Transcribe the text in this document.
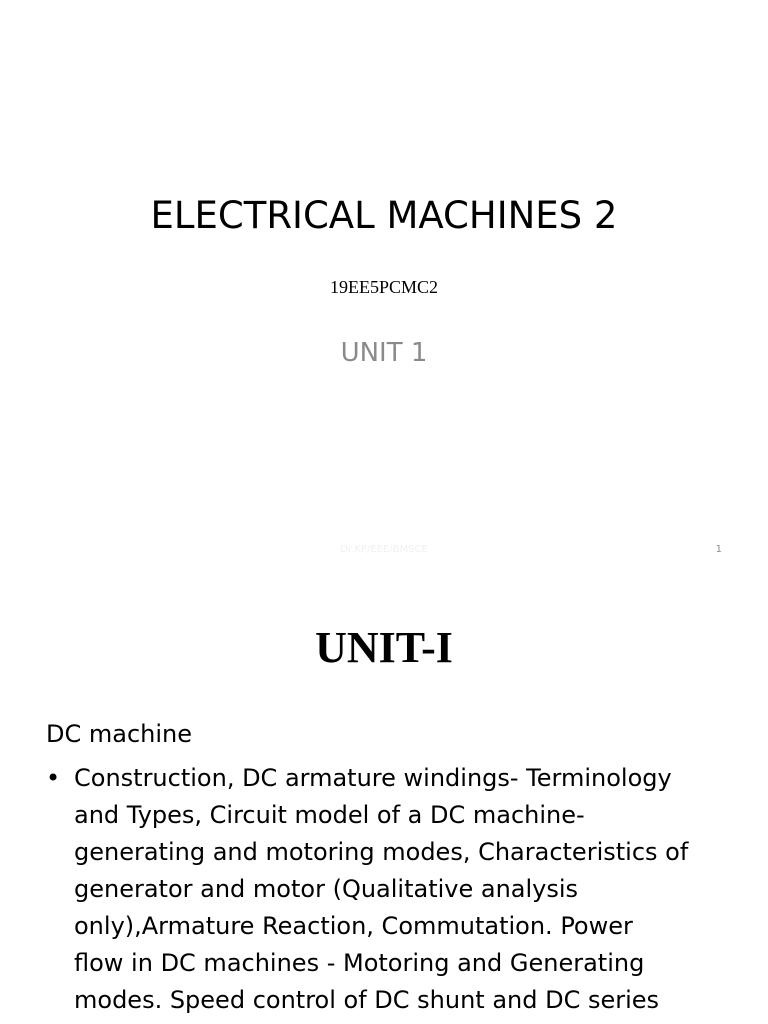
ELECTRICAL MACHINES 2
19EE5PCMC2
UNIT 1
Dr.KP/EEE/BMSCE	1
UNIT-I
DC machine
• Construction, DC armature windings- Terminology
and Types, Circuit model of a DC machine-
generating and motoring modes, Characteristics of
generator and motor (Qualitative analysis
only),Armature Reaction, Commutation. Power
flow in DC machines - Motoring and Generating
modes. Speed control of DC shunt and DC series
